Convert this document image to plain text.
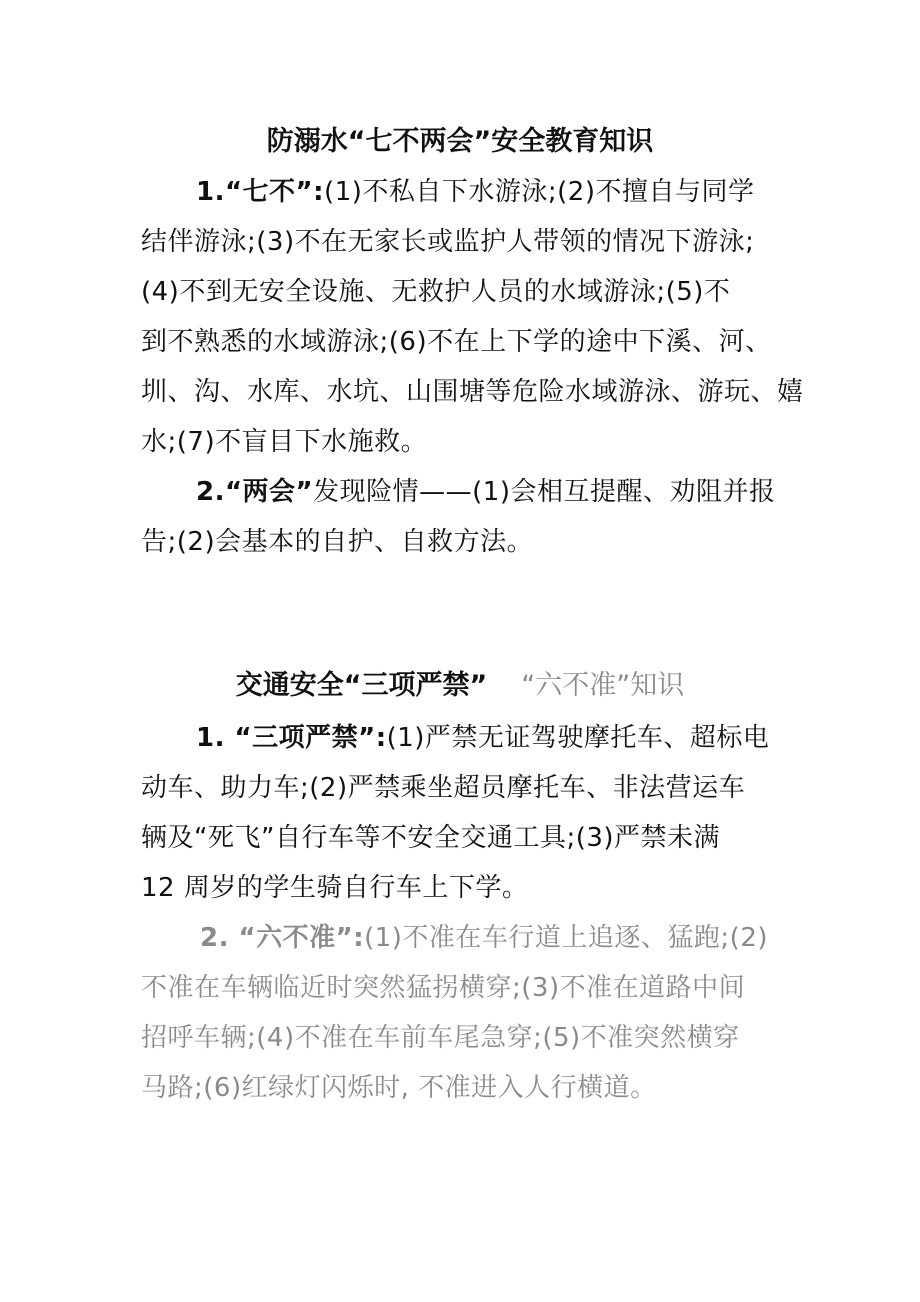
防溺水“七不两会”安全教育知识
1.“七不”:(1)不私自下水游泳;(2)不擅自与同学
结伴游泳;(3)不在无家长或监护人带领的情况下游泳;
(4)不到无安全设施、无救护人员的水域游泳;(5)不
到不熟悉的水域游泳;(6)不在上下学的途中下溪、河、
圳、沟、水库、水坑、山围塘等危险水域游泳、游玩、嬉
水;(7)不盲目下水施救。
2.“两会”发现险情——(1)会相互提醒、劝阻并报
告;(2)会基本的自护、自救方法。
交通安全“三项严禁” “六不准”知识
1. “三项严禁”:(1)严禁无证驾驶摩托车、超标电
动车、助力车;(2)严禁乘坐超员摩托车、非法营运车
辆及“死飞”自行车等不安全交通工具;(3)严禁未满
12 周岁的学生骑自行车上下学。
2. “六不准”:(1)不准在车行道上追逐、猛跑;(2)
不准在车辆临近时突然猛拐横穿;(3)不准在道路中间
招呼车辆;(4)不准在车前车尾急穿;(5)不准突然横穿
马路;(6)红绿灯闪烁时, 不准进入人行横道。
